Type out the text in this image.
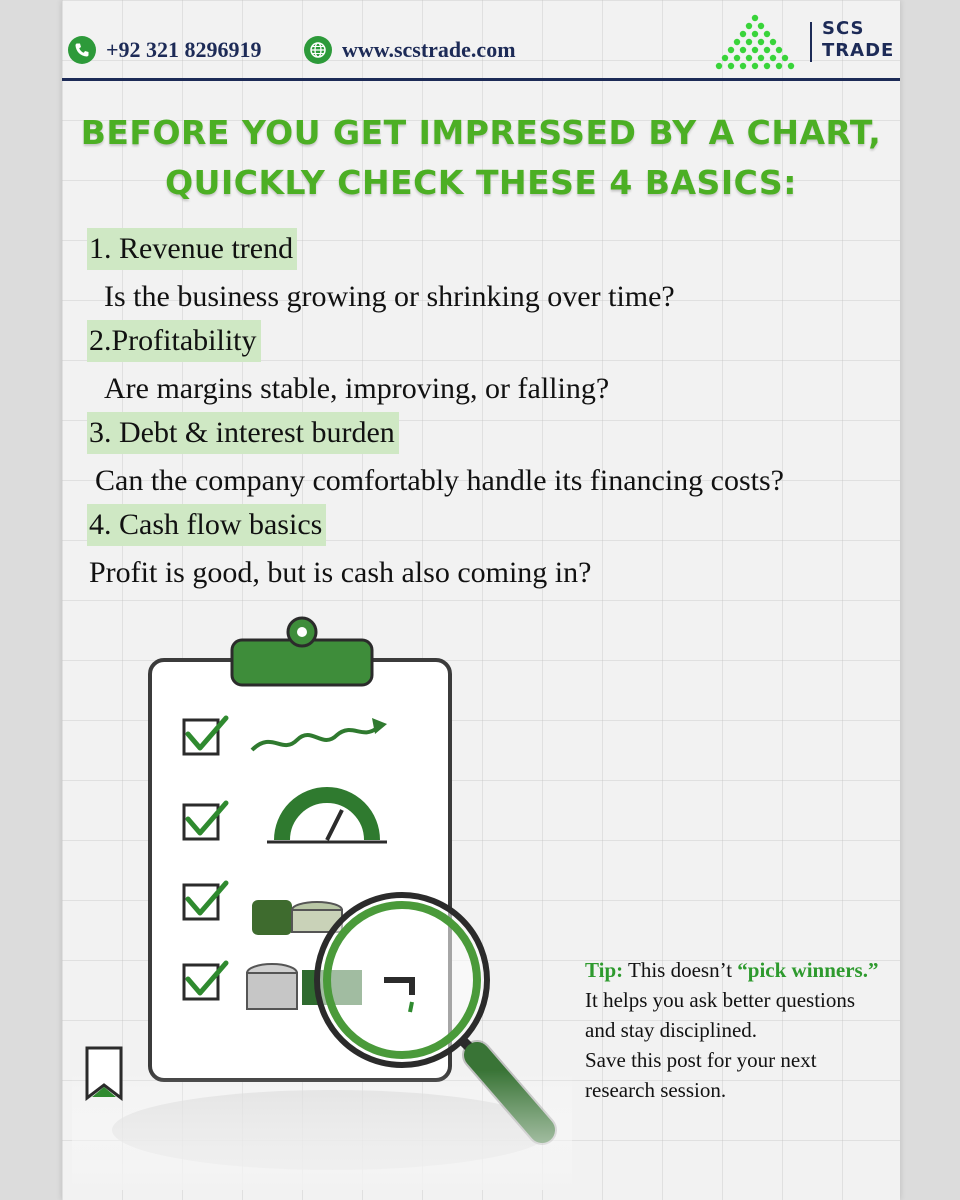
+92 321 8296919	www.scstrade.com
SCS
TRADE
BEFORE YOU GET IMPRESSED BY A CHART,
QUICKLY CHECK THESE 4 BASICS:
1. Revenue trend
Is the business growing or shrinking over time?
2.Profitability
Are margins stable, improving, or falling?
3. Debt & interest burden
Can the company comfortably handle its financing costs?
4. Cash flow basics
Profit is good, but is cash also coming in?
Tip: This doesn’t “pick winners.” It helps you ask better questions and stay disciplined.
Save this post for your next research session.
